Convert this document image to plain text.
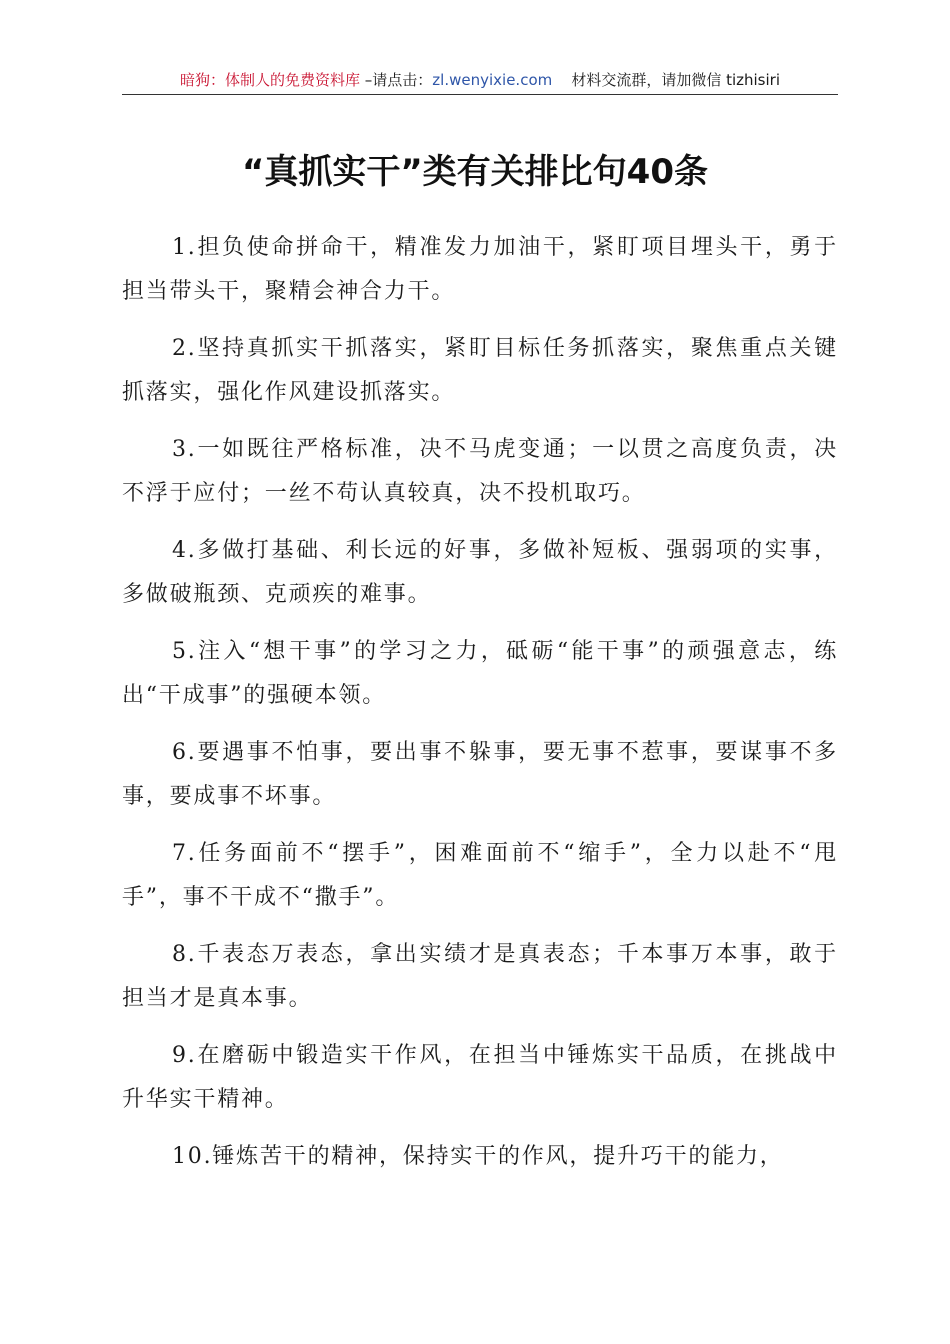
暗狗：体制人的免费资料库 –请点击：zl.wenyixie.com 材料交流群，请加微信 tizhisiri
“真抓实干”类有关排比句40条

1.担负使命拼命干，精准发力加油干，紧盯项目埋头干，勇于担当带头干，聚精会神合力干。

2.坚持真抓实干抓落实，紧盯目标任务抓落实，聚焦重点关键抓落实，强化作风建设抓落实。

3.一如既往严格标准，决不马虎变通；一以贯之高度负责，决不浮于应付；一丝不苟认真较真，决不投机取巧。

4.多做打基础、利长远的好事，多做补短板、强弱项的实事，多做破瓶颈、克顽疾的难事。

5.注入“想干事”的学习之力，砥砺“能干事”的顽强意志，练出“干成事”的强硬本领。

6.要遇事不怕事，要出事不躲事，要无事不惹事，要谋事不多事，要成事不坏事。

7.任务面前不“摆手”，困难面前不“缩手”，全力以赴不“甩手”，事不干成不“撒手”。

8.千表态万表态，拿出实绩才是真表态；千本事万本事，敢于担当才是真本事。

9.在磨砺中锻造实干作风，在担当中锤炼实干品质，在挑战中升华实干精神。

10.锤炼苦干的精神，保持实干的作风，提升巧干的能力，
